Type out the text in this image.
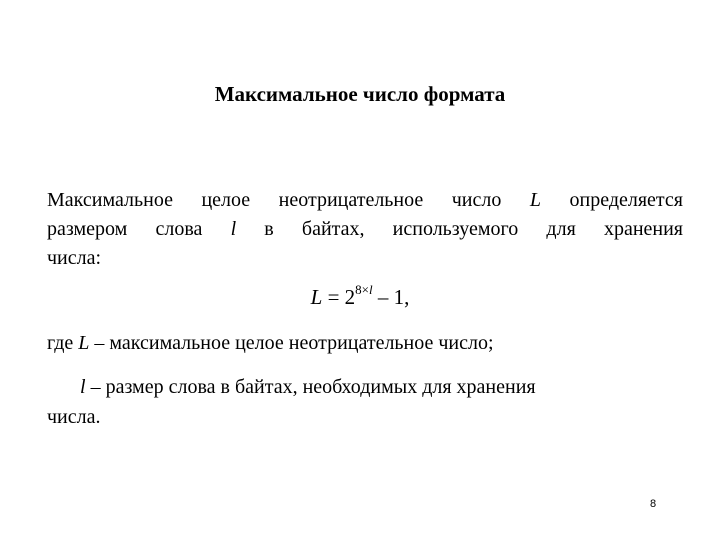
Максимальное число формата
Максимальное целое неотрицательное число L определяется
размером слова l в байтах, используемого для хранения
числа:
$L = 2^{8\times l} - 1$,
где L – максимальное целое неотрицательное число;
l – размер слова в байтах, необходимых для хранения
числа.
8
